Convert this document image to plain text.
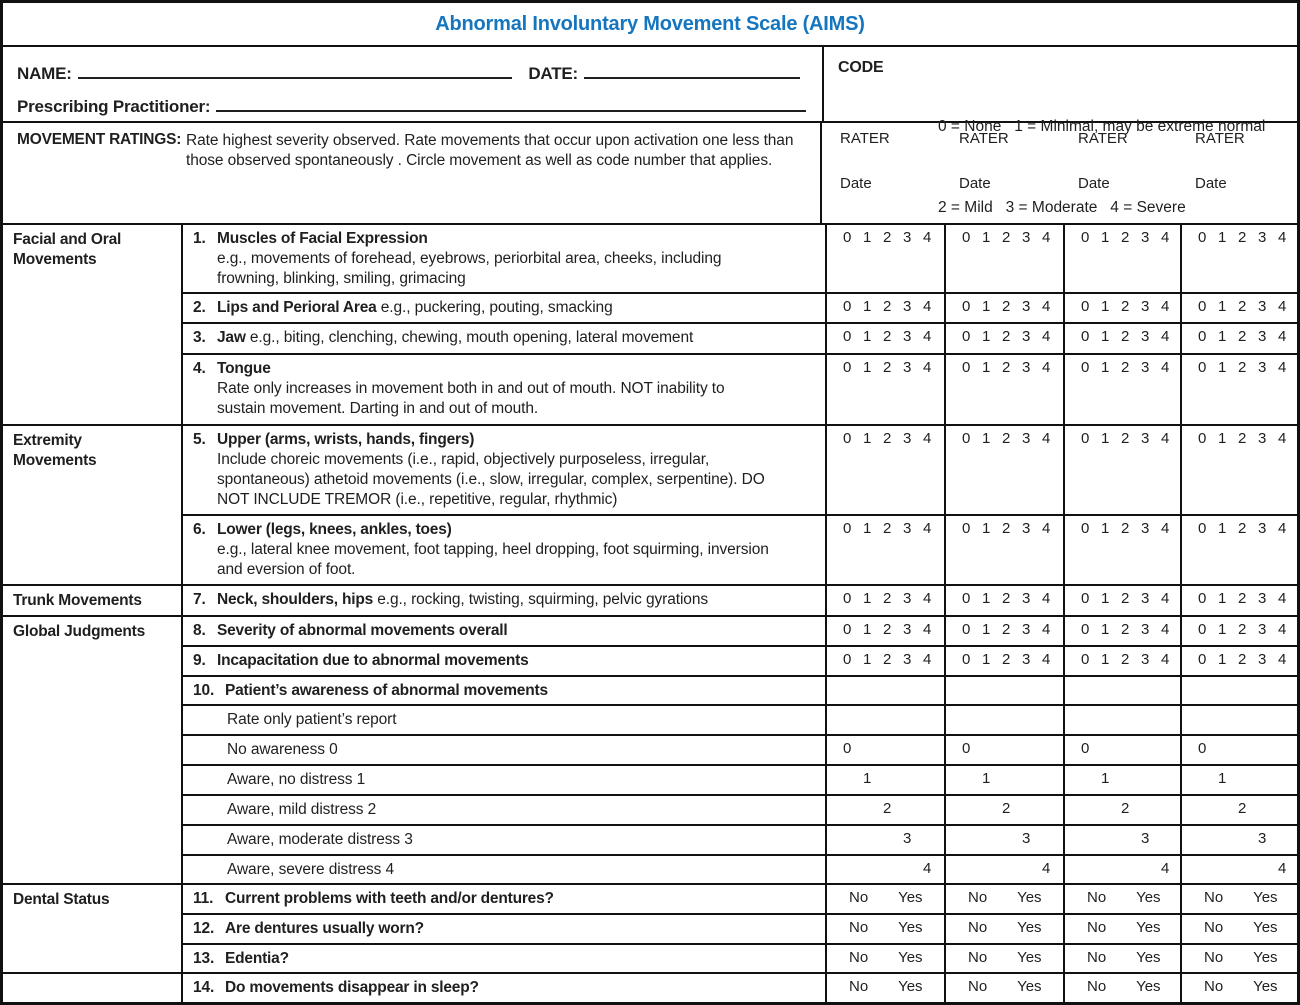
Abnormal Involuntary Movement Scale (AIMS)
NAME:	DATE:
Prescribing Practitioner:
CODE

0 = None   1 = Minimal, may be extreme normal

2 = Mild   3 = Moderate   4 = Severe

MOVEMENT RATINGS: Rate highest severity observed. Rate movements that occur upon activation one less than those observed spontaneously . Circle movement as well as code number that applies.
RATER
Date
RATER
Date
RATER
Date
RATER
Date
Facial and Oral Movements	1. Muscles of Facial Expression
e.g., movements of forehead, eyebrows, periorbital area, cheeks, including frowning, blinking, smiling, grimacing	0 1 2 3 4	0 1 2 3 4	0 1 2 3 4	0 1 2 3 4

	2. Lips and Perioral Area e.g., puckering, pouting, smacking	0 1 2 3 4	0 1 2 3 4	0 1 2 3 4	0 1 2 3 4

	3. Jaw e.g., biting, clenching, chewing, mouth opening, lateral movement	0 1 2 3 4	0 1 2 3 4	0 1 2 3 4	0 1 2 3 4

	4. Tongue
Rate only increases in movement both in and out of mouth. NOT inability to sustain movement. Darting in and out of mouth.	0 1 2 3 4	0 1 2 3 4	0 1 2 3 4	0 1 2 3 4
Extremity Movements	5. Upper (arms, wrists, hands, fingers)
Include choreic movements (i.e., rapid, objectively purposeless, irregular, spontaneous) athetoid movements (i.e., slow, irregular, complex, serpentine). DO NOT INCLUDE TREMOR (i.e., repetitive, regular, rhythmic)	0 1 2 3 4	0 1 2 3 4	0 1 2 3 4	0 1 2 3 4

	6. Lower (legs, knees, ankles, toes)
e.g., lateral knee movement, foot tapping, heel dropping, foot squirming, inversion and eversion of foot.	0 1 2 3 4	0 1 2 3 4	0 1 2 3 4	0 1 2 3 4
Trunk Movements	7. Neck, shoulders, hips e.g., rocking, twisting, squirming, pelvic gyrations	0 1 2 3 4	0 1 2 3 4	0 1 2 3 4	0 1 2 3 4
Global Judgments	8. Severity of abnormal movements overall	0 1 2 3 4	0 1 2 3 4	0 1 2 3 4	0 1 2 3 4

	9. Incapacitation due to abnormal movements	0 1 2 3 4	0 1 2 3 4	0 1 2 3 4	0 1 2 3 4

	10. Patient’s awareness of abnormal movements				

	Rate only patient’s report				
	No awareness 0	0	0	0	0
	Aware, no distress 1	1	1	1	1
	Aware, mild distress 2	2	2	2	2
	Aware, moderate distress 3	3	3	3	3
	Aware, severe distress 4	4	4	4	4
Dental Status	11. Current problems with teeth and/or dentures?	No Yes	No Yes	No Yes	No Yes

	12. Are dentures usually worn?	No Yes	No Yes	No Yes	No Yes

	13. Edentia?	No Yes	No Yes	No Yes	No Yes

	14. Do movements disappear in sleep?	No Yes	No Yes	No Yes	No Yes
